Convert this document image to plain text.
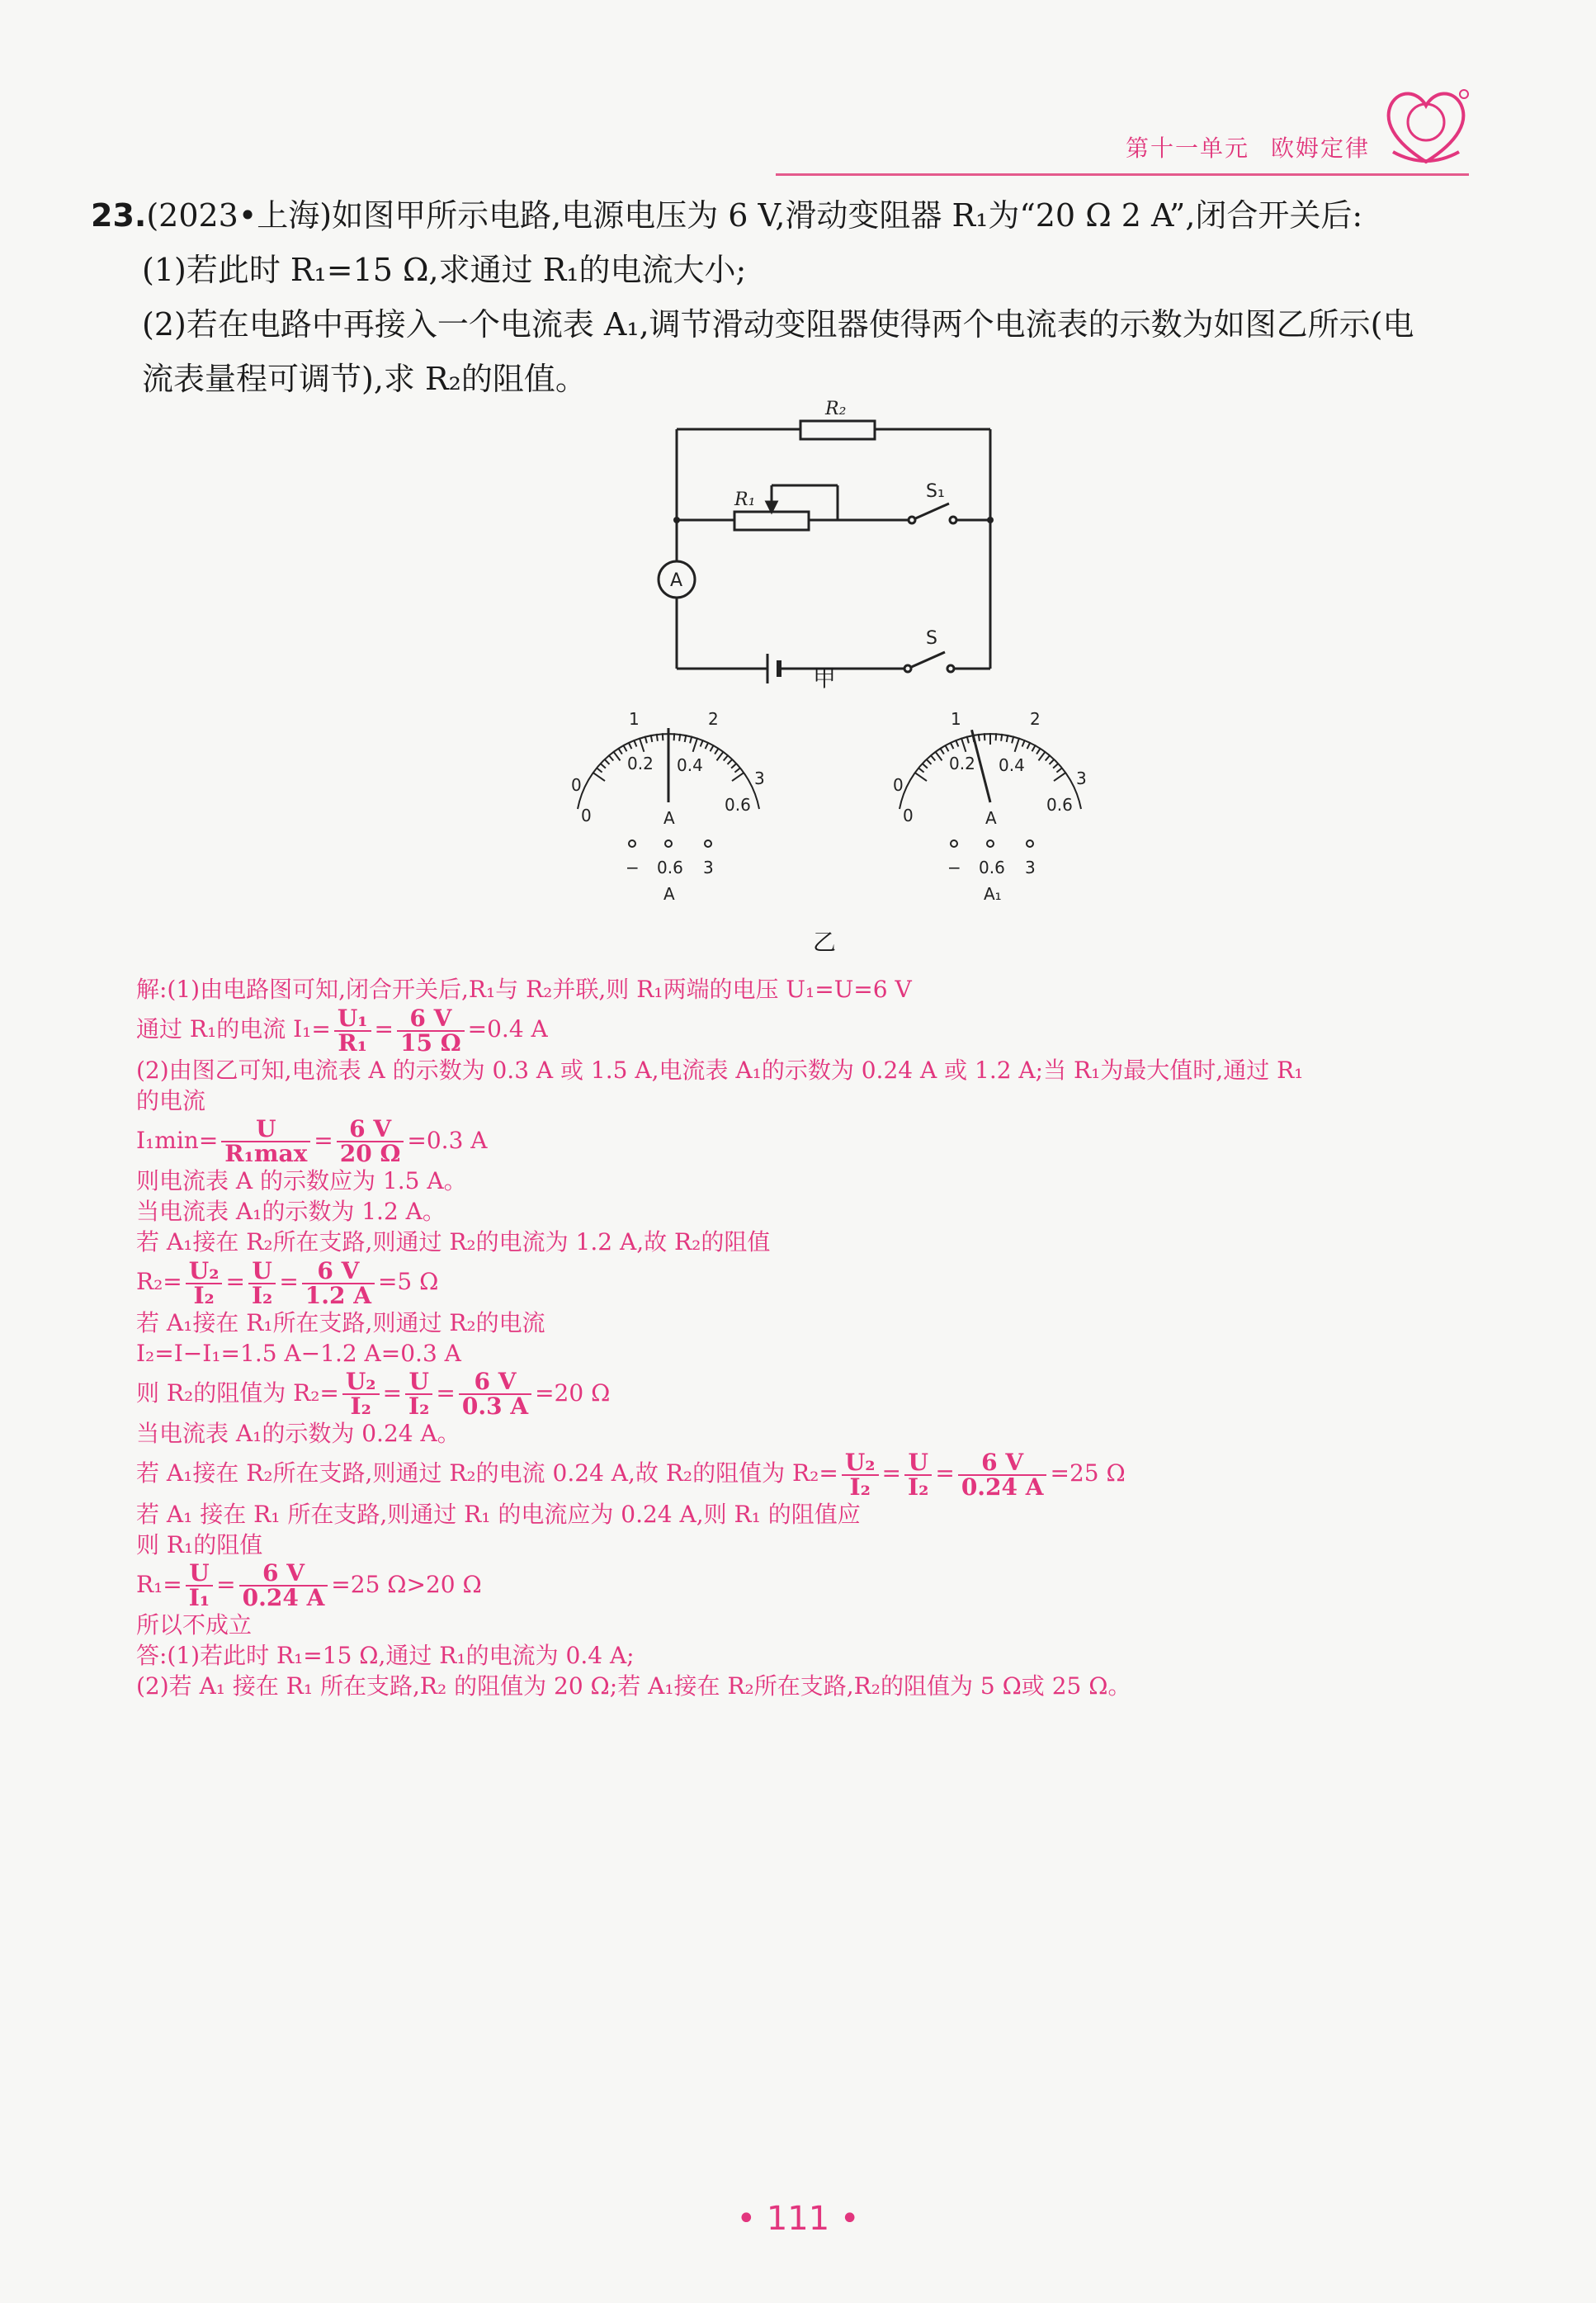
第十一单元 欧姆定律
23.(2023•上海)如图甲所示电路,电源电压为 6 V,滑动变阻器 R₁为“20 Ω 2 A”,闭合开关后:
(1)若此时 R₁=15 Ω,求通过 R₁的电流大小;
(2)若在电路中再接入一个电流表 A₁,调节滑动变阻器使得两个电流表的示数为如图乙所示(电
流表量程可调节),求 R₂的阻值。
R₂
R₁	S₁
S
A
甲
0
1	2
3
0
0.2 0.4
0.6
A
− 0.6 3
A
0
1	2
3
0
0.2 0.4
0.6
A
− 0.6 3
A₁
乙
解:(1)由电路图可知,闭合开关后,R₁与 R₂并联,则 R₁两端的电压 U₁=U=6 V
通过 R₁的电流 $I_1= \frac{\text{U₁}}{\text{R₁}} = \frac{6 V}{15 \Omega} =0.4$ A
(2)由图乙可知,电流表 A 的示数为 0.3 A 或 1.5 A,电流表 A₁的示数为 0.24 A 或 1.2 A;当 R₁为最大值时,通过 R₁
的电流
$I_1\min= \frac{U}{\text{R₁max}} = \frac{6 V}{20 \Omega} =0.3$ A
则电流表 A 的示数应为 1.5 A。
当电流表 A₁的示数为 1.2 A。
若 A₁接在 R₂所在支路,则通过 R₂的电流为 1.2 A,故 R₂的阻值
$R_2= \frac{\text{U₂}}{\text{I₂}} = \frac{U}{\text{I₂}} = \frac{6 V}{1.2 A} =5$ Ω
若 A₁接在 R₁所在支路,则通过 R₂的电流
I₂=I−I₁=1.5 A−1.2 A=0.3 A
则 R₂的阻值为 $R_2= \frac{\text{U₂}}{\text{I₂}} = \frac{U}{\text{I₂}} = \frac{6 V}{0.3 A} =20$ Ω
当电流表 A₁的示数为 0.24 A。
若 A₁接在 R₂所在支路,则通过 R₂的电流 0.24 A,故 R₂的阻值为 $R_2= \frac{\text{U₂}}{\text{I₂}} = \frac{U}{\text{I₂}} = \frac{6 V}{0.24 A} =25$ Ω
若 A₁ 接在 R₁ 所在支路,则通过 R₁ 的电流应为 0.24 A,则 R₁ 的阻值应
则 R₁的阻值
$R_1= \frac{U}{\text{I₁}} = \frac{6 V}{0.24 A} =25$ Ω>20 Ω
所以不成立
答:(1)若此时 R₁=15 Ω,通过 R₁的电流为 0.4 A;
(2)若 A₁ 接在 R₁ 所在支路,R₂ 的阻值为 20 Ω;若 A₁接在 R₂所在支路,R₂的阻值为 5 Ω或 25 Ω。
• 111 •
